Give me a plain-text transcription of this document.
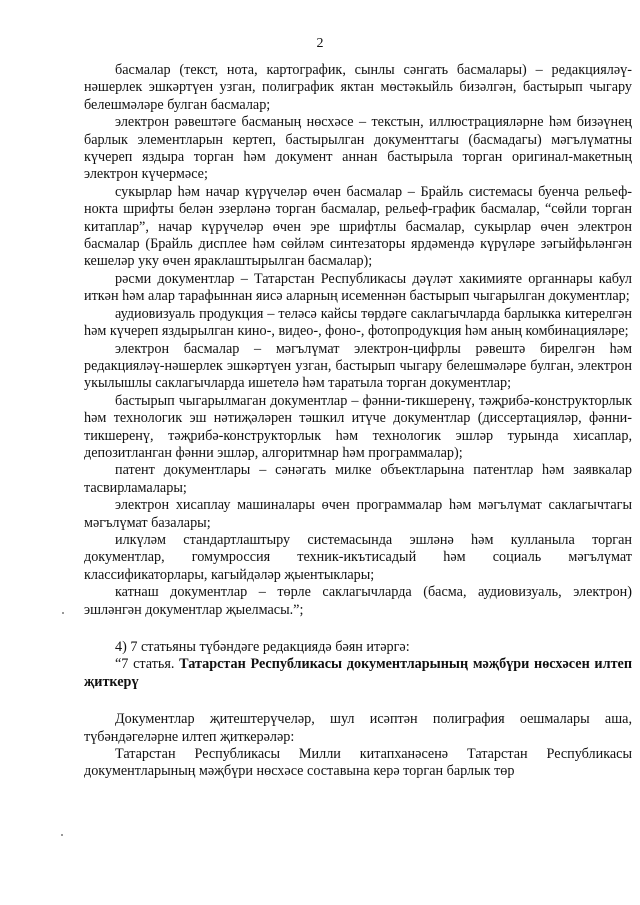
2

басмалар (текст, нота, картографик, сынлы сәнгать басмалары) – редакцияләү-нәшерлек эшкәртүен узган, полиграфик яктан мөстәкыйль бизәлгән, бастырып чыгару белешмәләре булган басмалар;

электрон рәвештәге басманың нөсхәсе – текстын, иллюстрацияләрне һәм бизәүнең барлык элементларын кертеп, бастырылган документтагы (басмадагы) мәгълүматны күчереп яздыра торган һәм документ аннан бастырыла торган оригинал-макетның электрон күчермәсе;

сукырлар һәм начар күрүчеләр өчен басмалар – Брайль системасы буенча рельеф-нокта шрифты белән эзерләнә торган басмалар, рельеф-график басмалар, “сөйли торган китаплар”, начар күрүчеләр өчен эре шрифтлы басмалар, сукырлар өчен электрон басмалар (Брайль дисплее һәм сөйләм синтезаторы ярдәмендә күрүләре зәгыйфьләнгән кешеләр уку өчен яраклаштырылган басмалар);

рәсми документлар – Татарстан Республикасы дәүләт хакимияте органнары кабул иткән һәм алар тарафыннан яисә аларның исеменнән бастырып чыгарылган документлар;

аудиовизуаль продукция – теләсә кайсы төрдәге саклагычларда барлыкка китерелгән һәм күчереп яздырылган кино-, видео-, фоно-, фотопродукция һәм аның комбинацияләре;

электрон басмалар – мәгълүмат электрон-цифрлы рәвештә бирелгән һәм редакцияләү-нәшерлек эшкәртүен узган, бастырып чыгару белешмәләре булган, электрон укылышлы саклагычларда ишетелә һәм таратыла торган документлар;

бастырып чыгарылмаган документлар – фәнни-тикшеренү, тәҗрибә-конструкторлык һәм технологик эш нәтиҗәләрен тәшкил итүче документлар (диссертацияләр, фәнни-тикшеренү, тәҗрибә-конструкторлык һәм технологик эшләр турында хисаплар, депозитланган фәнни эшләр, алгоритмнар һәм программалар);

патент документлары – сәнәгать милке объектларына патентлар һәм заявкалар тасвирламалары;

электрон хисаплау машиналары өчен программалар һәм мәгълүмат саклагычтагы мәгълүмат базалары;

илкүләм стандартлаштыру системасында эшләнә һәм кулланыла торган документлар, гомумроссия техник-икътисадый һәм социаль мәгълүмат классификаторлары, кагыйдәләр җыентыклары;

катнаш документлар – төрле саклагычларда (басма, аудиовизуаль, электрон) эшләнгән документлар җыелмасы.”;

4) 7 статьяны түбәндәге редакциядә бәян итәргә:

“7 статья. Татарстан Республикасы документларының мәҗбүри нөсхәсен илтеп җиткерү

Документлар җитештерүчеләр, шул исәптән полиграфия оешмалары аша, түбәндәгеләрне илтеп җиткерәләр:

Татарстан Республикасы Милли китапханәсенә Татарстан Республикасы документларының мәҗбүри нөсхәсе составына керә торган барлык төр
